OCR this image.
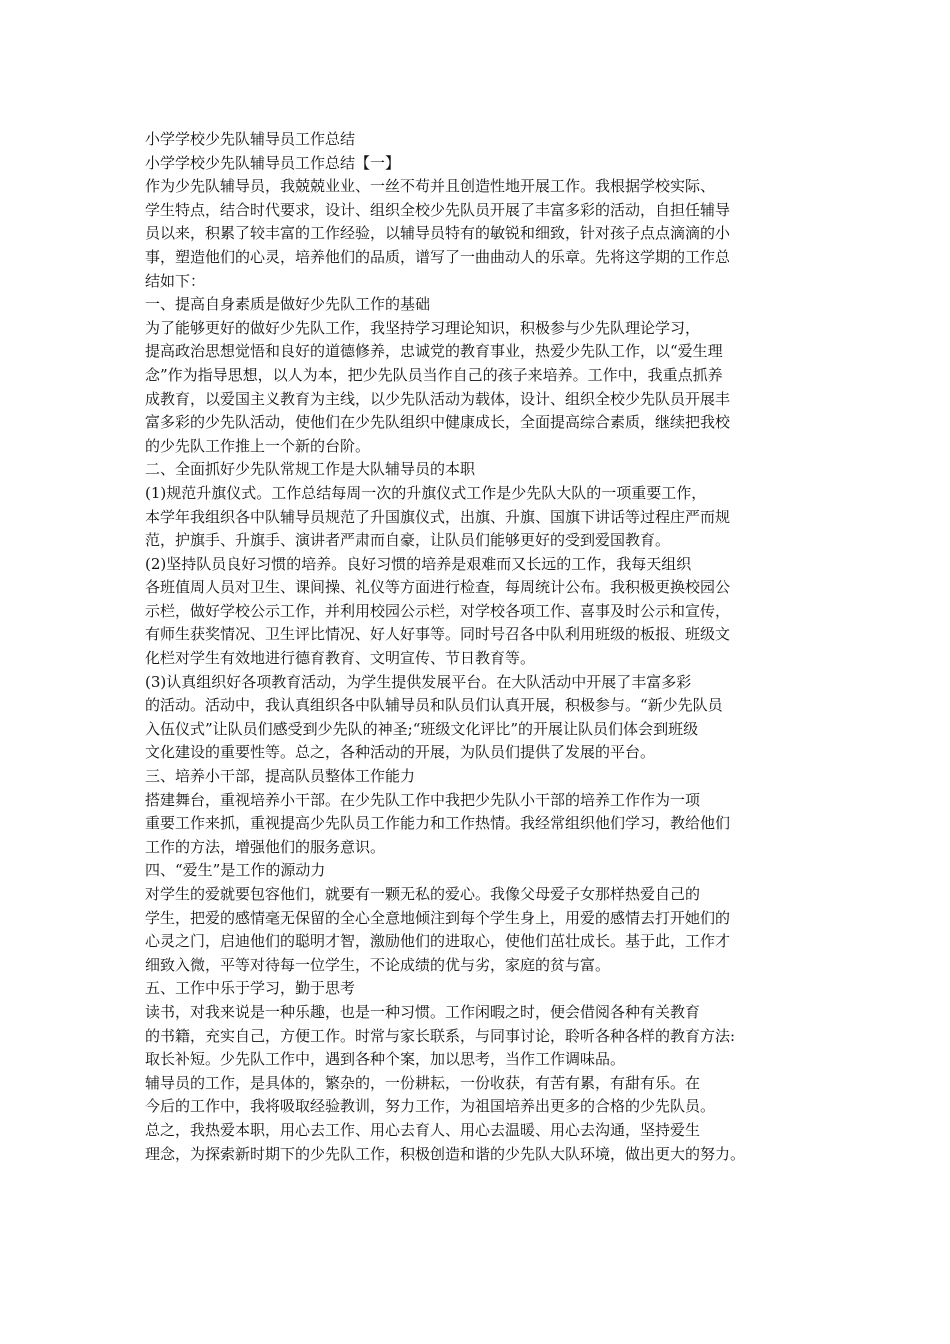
小学学校少先队辅导员工作总结
小学学校少先队辅导员工作总结【一】
作为少先队辅导员，我兢兢业业、一丝不苟并且创造性地开展工作。我根据学校实际、
学生特点，结合时代要求，设计、组织全校少先队员开展了丰富多彩的活动，自担任辅导
员以来，积累了较丰富的工作经验，以辅导员特有的敏锐和细致，针对孩子点点滴滴的小
事，塑造他们的心灵，培养他们的品质，谱写了一曲曲动人的乐章。先将这学期的工作总
结如下：
一、提高自身素质是做好少先队工作的基础
为了能够更好的做好少先队工作，我坚持学习理论知识，积极参与少先队理论学习，
提高政治思想觉悟和良好的道德修养，忠诚党的教育事业，热爱少先队工作，以“爱生理
念”作为指导思想，以人为本，把少先队员当作自己的孩子来培养。工作中，我重点抓养
成教育，以爱国主义教育为主线，以少先队活动为载体，设计、组织全校少先队员开展丰
富多彩的少先队活动，使他们在少先队组织中健康成长，全面提高综合素质，继续把我校
的少先队工作推上一个新的台阶。
二、全面抓好少先队常规工作是大队辅导员的本职
(1)规范升旗仪式。工作总结每周一次的升旗仪式工作是少先队大队的一项重要工作，
本学年我组织各中队辅导员规范了升国旗仪式，出旗、升旗、国旗下讲话等过程庄严而规
范，护旗手、升旗手、演讲者严肃而自豪，让队员们能够更好的受到爱国教育。
(2)坚持队员良好习惯的培养。良好习惯的培养是艰难而又长远的工作，我每天组织
各班值周人员对卫生、课间操、礼仪等方面进行检查，每周统计公布。我积极更换校园公
示栏，做好学校公示工作，并利用校园公示栏，对学校各项工作、喜事及时公示和宣传，
有师生获奖情况、卫生评比情况、好人好事等。同时号召各中队利用班级的板报、班级文
化栏对学生有效地进行德育教育、文明宣传、节日教育等。
(3)认真组织好各项教育活动，为学生提供发展平台。在大队活动中开展了丰富多彩
的活动。活动中，我认真组织各中队辅导员和队员们认真开展，积极参与。“新少先队员
入伍仪式”让队员们感受到少先队的神圣;“班级文化评比”的开展让队员们体会到班级
文化建设的重要性等。总之，各种活动的开展，为队员们提供了发展的平台。
三、培养小干部，提高队员整体工作能力
搭建舞台，重视培养小干部。在少先队工作中我把少先队小干部的培养工作作为一项
重要工作来抓，重视提高少先队员工作能力和工作热情。我经常组织他们学习，教给他们
工作的方法，增强他们的服务意识。
四、“爱生”是工作的源动力
对学生的爱就要包容他们，就要有一颗无私的爱心。我像父母爱子女那样热爱自己的
学生，把爱的感情毫无保留的全心全意地倾注到每个学生身上，用爱的感情去打开她们的
心灵之门，启迪他们的聪明才智，激励他们的进取心，使他们茁壮成长。基于此，工作才
细致入微，平等对待每一位学生，不论成绩的优与劣，家庭的贫与富。
五、工作中乐于学习，勤于思考
读书，对我来说是一种乐趣，也是一种习惯。工作闲暇之时，便会借阅各种有关教育
的书籍，充实自己，方便工作。时常与家长联系，与同事讨论，聆听各种各样的教育方法:
取长补短。少先队工作中，遇到各种个案，加以思考，当作工作调味品。
辅导员的工作，是具体的，繁杂的，一份耕耘，一份收获，有苦有累，有甜有乐。在
今后的工作中，我将吸取经验教训，努力工作，为祖国培养出更多的合格的少先队员。
总之，我热爱本职，用心去工作、用心去育人、用心去温暖、用心去沟通，坚持爱生
理念，为探索新时期下的少先队工作，积极创造和谐的少先队大队环境，做出更大的努力。
